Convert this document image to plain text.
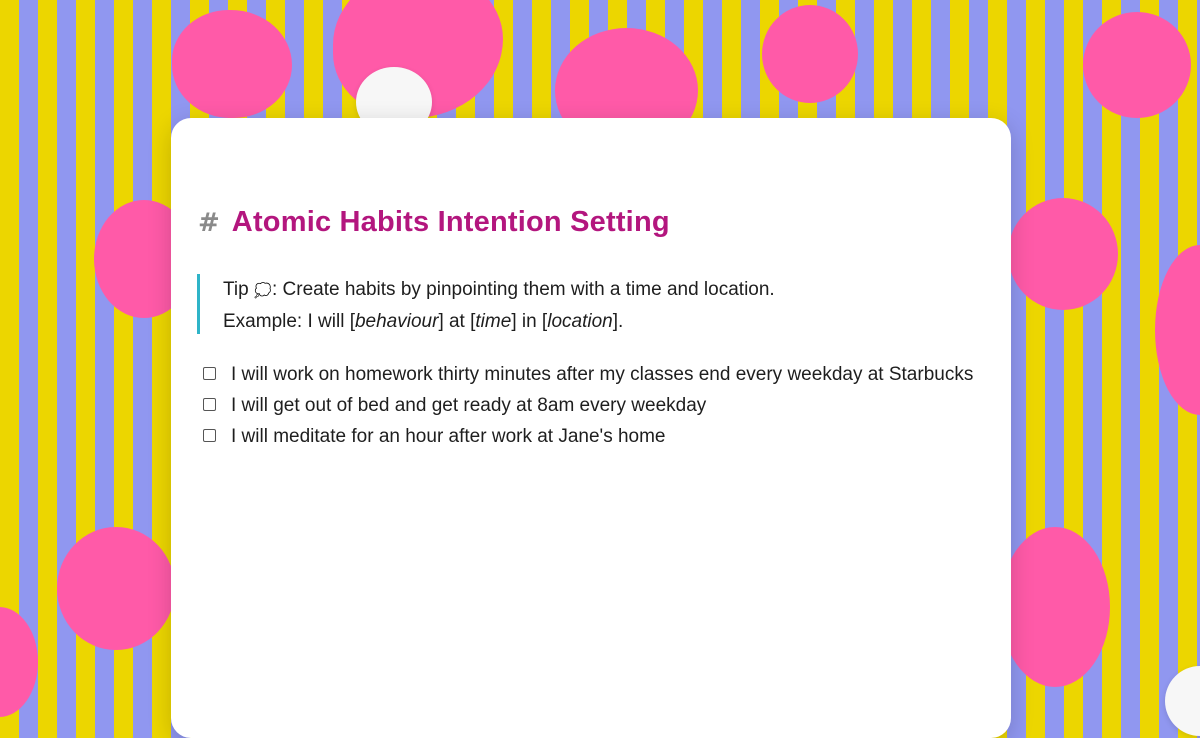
# Atomic Habits Intention Setting
Tip 💭: Create habits by pinpointing them with a time and location.
Example: I will [behaviour] at [time] in [location].
I will work on homework thirty minutes after my classes end every weekday at Starbucks
I will get out of bed and get ready at 8am every weekday
I will meditate for an hour after work at Jane's home
